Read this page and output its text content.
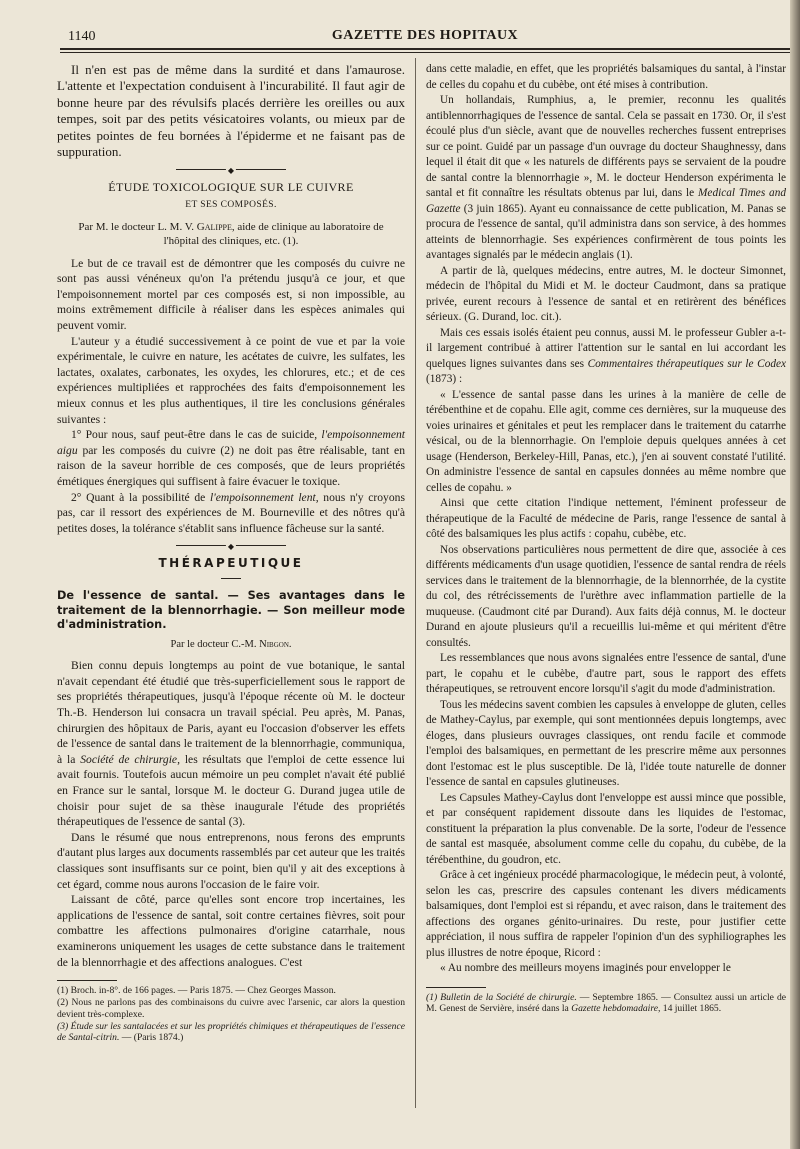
1140	GAZETTE DES HOPITAUX

Il n'en est pas de même dans la surdité et dans l'amaurose. L'attente et l'expectation conduisent à l'incurabilité. Il faut agir de bonne heure par des révulsifs placés derrière les oreilles ou aux tempes, soit par des petits vésicatoires volants, ou mieux par de petites pointes de feu bornées à l'épiderme et ne faisant pas de suppuration.

◆
ÉTUDE TOXICOLOGIQUE SUR LE CUIVRE
ET SES COMPOSÉS.
Par M. le docteur L. M. V. Galippe, aide de clinique au laboratoire de l'hôpital des cliniques, etc. (1).

Le but de ce travail est de démontrer que les composés du cuivre ne sont pas aussi vénéneux qu'on l'a prétendu jusqu'à ce jour, et que l'empoisonnement mortel par ces composés est, si non impossible, au moins extrêmement difficile à réaliser dans les espèces animales qui peuvent vomir.

L'auteur y a étudié successivement à ce point de vue et par la voie expérimentale, le cuivre en nature, les acétates de cuivre, les sulfates, les lactates, oxalates, carbonates, les oxydes, les chlorures, etc.; et de ces expériences multipliées et rapprochées des faits d'empoisonnement les mieux connus et les plus authentiques, il tire les conclusions générales suivantes :

1° Pour nous, sauf peut-être dans le cas de suicide, l'empoisonnement aigu par les composés du cuivre (2) ne doit pas être réalisable, tant en raison de la saveur horrible de ces composés, que de leurs propriétés émétiques énergiques qui suffisent à faire évacuer le toxique.

2° Quant à la possibilité de l'empoisonnement lent, nous n'y croyons pas, car il ressort des expériences de M. Bourneville et des nôtres qu'à petites doses, la tolérance s'établit sans influence fâcheuse sur la santé.

◆
THÉRAPEUTIQUE
De l'essence de santal. — Ses avantages dans le traitement de la blennorrhagie. — Son meilleur mode d'administration.
Par le docteur C.-M. Nibgon.

Bien connu depuis longtemps au point de vue botanique, le santal n'avait cependant été étudié que très-superficiellement sous le rapport de ses propriétés thérapeutiques, jusqu'à l'époque récente où M. le docteur Th.-B. Henderson lui consacra un travail spécial. Peu après, M. Panas, chirurgien des hôpitaux de Paris, ayant eu l'occasion d'observer les effets de l'essence de santal dans le traitement de la blennorrhagie, communiqua, à la Société de chirurgie, les résultats que l'emploi de cette essence lui avait fournis. Toutefois aucun mémoire un peu complet n'avait été publié en France sur le santal, lorsque M. le docteur G. Durand jugea utile de choisir pour sujet de sa thèse inaugurale l'étude des propriétés thérapeutiques de l'essence de santal (3).

Dans le résumé que nous entreprenons, nous ferons des emprunts d'autant plus larges aux documents rassemblés par cet auteur que les traités classiques sont insuffisants sur ce point, bien qu'il y ait des exceptions à cet égard, comme nous aurons l'occasion de le faire voir.

Laissant de côté, parce qu'elles sont encore trop incertaines, les applications de l'essence de santal, soit contre certaines fièvres, soit pour combattre les affections pulmonaires d'origine catarrhale, nous examinerons uniquement les usages de cette substance dans le traitement de la blennorrhagie et des affections analogues. C'est

(1) Broch. in-8°. de 166 pages. — Paris 1875. — Chez Georges Masson.

(2) Nous ne parlons pas des combinaisons du cuivre avec l'arsenic, car alors la question devient très-complexe.

(3) Étude sur les santalacées et sur les propriétés chimiques et thérapeutiques de l'essence de Santal-citrin. — (Paris 1874.)

dans cette maladie, en effet, que les propriétés balsamiques du santal, à l'instar de celles du copahu et du cubèbe, ont été mises à contribution.

Un hollandais, Rumphius, a, le premier, reconnu les qualités antiblennorrhagiques de l'essence de santal. Cela se passait en 1730. Or, il s'est écoulé plus d'un siècle, avant que de nouvelles recherches fussent entreprises sur ce point. Guidé par un passage d'un ouvrage du docteur Shaughnessy, dans lequel il était dit que « les naturels de différents pays se servaient de la poudre de santal contre la blennorrhagie », M. le docteur Henderson expérimenta le santal et fit connaître les résultats obtenus par lui, dans le Medical Times and Gazette (3 juin 1865). Ayant eu connaissance de cette publication, M. Panas se procura de l'essence de santal, qu'il administra dans son service, à des hommes atteints de blennorrhagie. Ses expériences confirmèrent de tous points les avantages signalés par le médecin anglais (1).

A partir de là, quelques médecins, entre autres, M. le docteur Simonnet, médecin de l'hôpital du Midi et M. le docteur Caudmont, dans sa pratique privée, eurent recours à l'essence de santal et en retirèrent des bénéfices sérieux. (G. Durand, loc. cit.).

Mais ces essais isolés étaient peu connus, aussi M. le professeur Gubler a-t-il largement contribué à attirer l'attention sur le santal en lui accordant les quelques lignes suivantes dans ses Commentaires thérapeutiques sur le Codex (1873) :

« L'essence de santal passe dans les urines à la manière de celle de térébenthine et de copahu. Elle agit, comme ces dernières, sur la muqueuse des voies urinaires et génitales et peut les remplacer dans le traitement du catarrhe vésical, ou de la blennorrhagie. On l'emploie depuis quelques années à cet usage (Henderson, Berkeley-Hill, Panas, etc.), j'en ai souvent constaté l'utilité. On administre l'essence de santal en capsules données au même nombre que celles de copahu. »

Ainsi que cette citation l'indique nettement, l'éminent professeur de thérapeutique de la Faculté de médecine de Paris, range l'essence de santal à côté des balsamiques les plus actifs : copahu, cubèbe, etc.

Nos observations particulières nous permettent de dire que, associée à ces différents médicaments d'un usage quotidien, l'essence de santal rendra de réels services dans le traitement de la blennorrhagie, de la blennorrhée, de la cystite du col, des rétrécissements de l'urèthre avec inflammation partielle de la muqueuse. (Caudmont cité par Durand). Aux faits déjà connus, M. le docteur Durand en ajoute plusieurs qu'il a recueillis lui-même et qui méritent d'être consultés.

Les ressemblances que nous avons signalées entre l'essence de santal, d'une part, le copahu et le cubèbe, d'autre part, sous le rapport des effets thérapeutiques, se retrouvent encore lorsqu'il s'agit du mode d'administration.

Tous les médecins savent combien les capsules à enveloppe de gluten, celles de Mathey-Caylus, par exemple, qui sont mentionnées depuis longtemps, avec éloges, dans plusieurs ouvrages classiques, ont rendu facile et commode l'emploi des balsamiques, en permettant de les prescrire même aux personnes dont l'estomac est le plus susceptible. De là, l'idée toute naturelle de donner l'essence de santal en capsules glutineuses.

Les Capsules Mathey-Caylus dont l'enveloppe est aussi mince que possible, et par conséquent rapidement dissoute dans les liquides de l'estomac, constituent la préparation la plus convenable. De la sorte, l'odeur de l'essence de santal est masquée, absolument comme celle du copahu, du cubèbe, de la térébenthine, du goudron, etc.

Grâce à cet ingénieux procédé pharmacologique, le médecin peut, à volonté, selon les cas, prescrire des capsules contenant les divers médicaments balsamiques, dont l'emploi est si répandu, et avec raison, dans le traitement des affections des organes génito-urinaires. Du reste, pour justifier cette appréciation, il nous suffira de rappeler l'opinion d'un des syphiliographes les plus illustres de notre époque, Ricord :

« Au nombre des meilleurs moyens imaginés pour envelopper le

(1) Bulletin de la Société de chirurgie. — Septembre 1865. — Consultez aussi un article de M. Genest de Servière, inséré dans la Gazette hebdomadaire, 14 juillet 1865.
